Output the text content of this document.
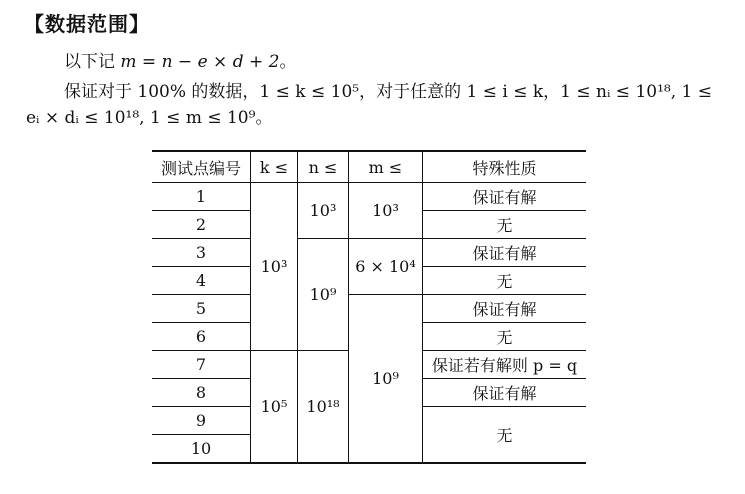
【数据范围】
以下记 m = n − e × d + 2。
保证对于 100% 的数据，1 ≤ k ≤ 10⁵，对于任意的 1 ≤ i ≤ k，1 ≤ nᵢ ≤ 10¹⁸, 1 ≤
eᵢ × dᵢ ≤ 10¹⁸, 1 ≤ m ≤ 10⁹。
测试点编号	k ≤	n ≤	m ≤	特殊性质
1	10³	10³	10³	保证有解
2				无
3		10⁹	6 × 10⁴	保证有解
4				无
5			10⁹	保证有解
6				无
7	10⁵	10¹⁸		保证若有解则 p = q
8				保证有解
9				无
10				
